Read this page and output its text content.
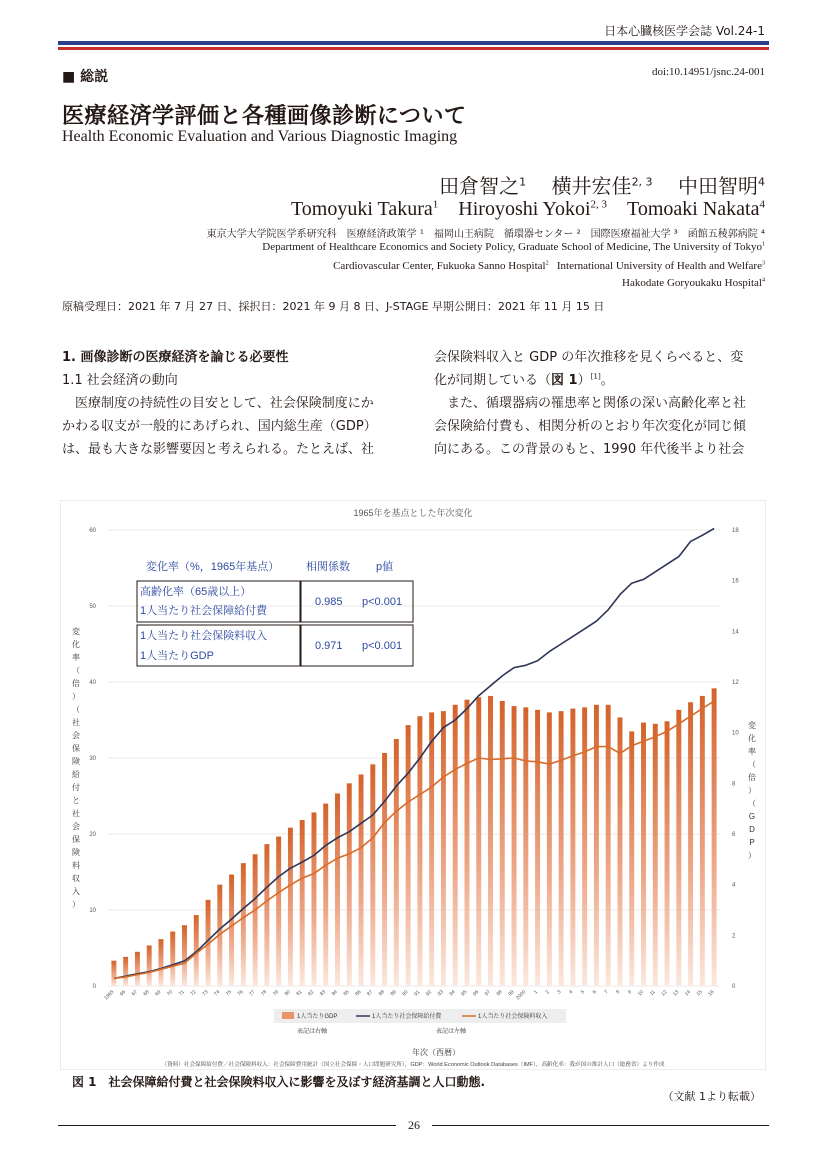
日本心臓核医学会誌 Vol.24-1
■ 総説	doi:10.14951/jsnc.24-001
医療経済学評価と各種画像診断について
Health Economic Evaluation and Various Diagnostic Imaging
田倉智之$^1$ 横井宏佳$^{2, 3}$ 中田智明$^4$
Tomoyuki Takura$^1$ Hiroyoshi Yokoi$^{2, 3}$ Tomoaki Nakata$^4$
東京大学大学院医学系研究科　医療経済政策学 ¹　福岡山王病院　循環器センター ²　国際医療福祉大学 ³　函館五稜郭病院 ⁴
Department of Healthcare Economics and Society Policy, Graduate School of Medicine, The University of Tokyo$^1$
Cardiovascular Center, Fukuoka Sanno Hospital$^2$ International University of Health and Welfare$^3$
Hakodate Goryoukaku Hospital$^4$
原稿受理日：2021 年 7 月 27 日、採択日：2021 年 9 月 8 日、J-STAGE 早期公開日：2021 年 11 月 15 日

1. 画像診断の医療経済を論じる必要性

1.1 社会経済の動向

医療制度の持続性の目安として、社会保険制度にか

かわる収支が一般的にあげられ、国内総生産（GDP）

は、最も大きな影響要因と考えられる。たとえば、社

会保険料収入と GDP の年次推移を見くらべると、変

化が同期している（図 1）[1]。

また、循環器病の罹患率と関係の深い高齢化率と社

会保険給付費も、相関分析のとおり年次変化が同じ傾

向にある。この背景のもと、1990 年代後半より社会

1965年を基点とした年次変化
0
10
20
30
40
50
60
0
2
4
6
8
10
12
14
16
18
1965 66 67 68 69 70 71 72 73 74 75 76 77 78 79 80 81 82 83 84 85 86 87 88 89 90 91 92 93 94 95 96 97 98 99 2000 1 2 3 4 5 6 7 8 9 10 11 12 13 14 15 16
変
化
率
（
倍
）
（
社
会
保
険
給
付
と
社
会
保
険
料
収
入
）
変
化
率
（
倍
）
（
G
D
P
）
変化率（%，1965年基点） 相関係数 p値
高齢化率（65歳以上）
1人当たり社会保障給付費
0.985 p<0.001
1人当たり社会保険料収入
1人当たりGDP
0.971 p<0.001
1人当たりGDP	1人当たり社会保障給付費	1人当たり社会保険料収入
表記は右軸	表記は左軸
年次（西暦）
（資料）社会保障給付費／社会保険料収入：社会保障費用統計（国立社会保障・人口問題研究所），GDP：World Economic Outlook Databases（IMF），高齢化率：我が国の推計人口（総務省）より作成
図 1　社会保障給付費と社会保険料収入に影響を及ぼす経済基調と人口動態.
（文献 1より転載）
26
